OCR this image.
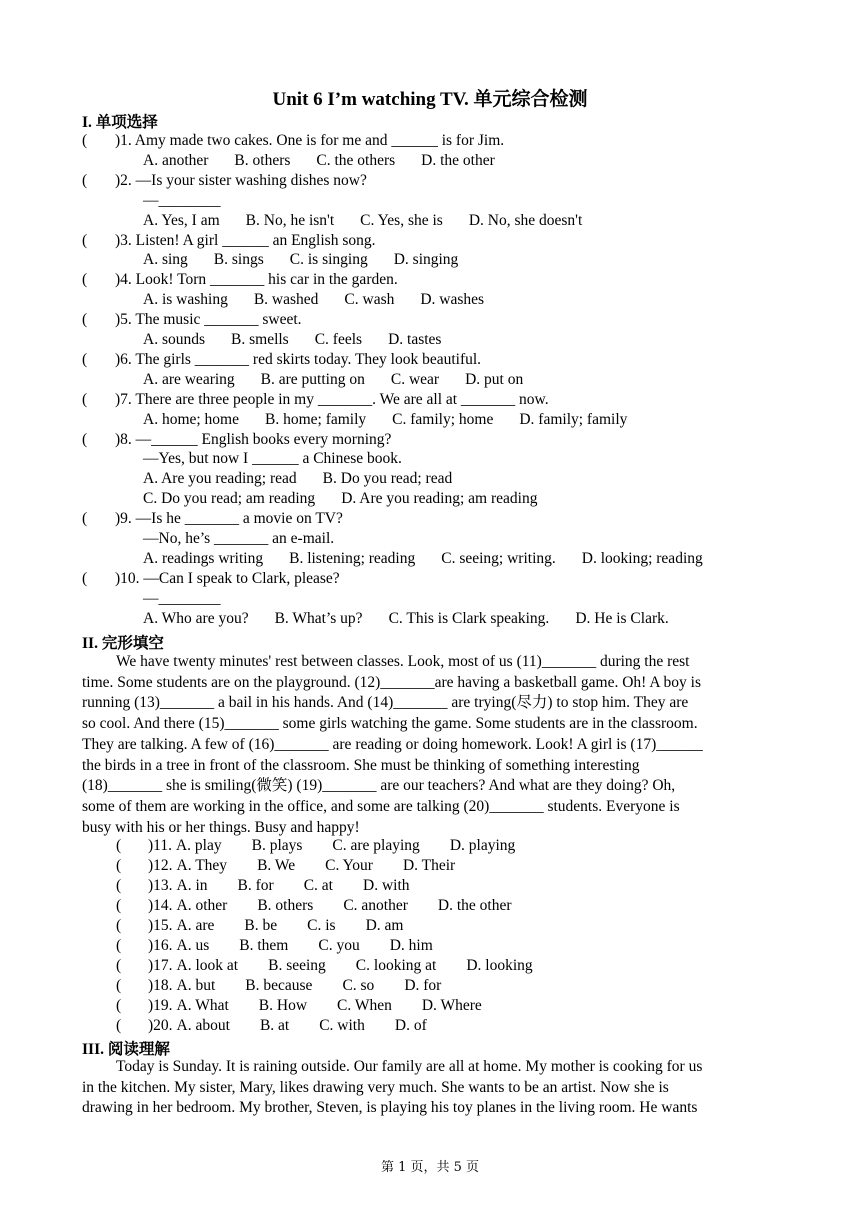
Unit 6 I’m watching TV. 单元综合检测
I. 单项选择
( )1. Amy made two cakes. One is for me and ______ is for Jim.
A. another B. others C. the others D. the other
( )2. —Is your sister washing dishes now?
—________
A. Yes, I am B. No, he isn't C. Yes, she is D. No, she doesn't
( )3. Listen! A girl ______ an English song.
A. sing B. sings C. is singing D. singing
( )4. Look! Torn _______ his car in the garden.
A. is washing B. washed C. wash D. washes
( )5. The music _______ sweet.
A. sounds B. smells C. feels D. tastes
( )6. The girls _______ red skirts today. They look beautiful.
A. are wearing B. are putting on C. wear D. put on
( )7. There are three people in my _______. We are all at _______ now.
A. home; home B. home; family C. family; home D. family; family
( )8. —______ English books every morning?
—Yes, but now I ______ a Chinese book.
A. Are you reading; read B. Do you read; read
C. Do you read; am reading D. Are you reading; am reading
( )9. —Is he _______ a movie on TV?
—No, he’s _______ an e-mail.
A. readings writing B. listening; reading C. seeing; writing. D. looking; reading
( )10. —Can I speak to Clark, please?
—________
A. Who are you? B. What’s up? C. This is Clark speaking. D. He is Clark.
II. 完形填空
We have twenty minutes' rest between classes. Look, most of us (11)_______ during the rest
time. Some students are on the playground. (12)_______are having a basketball game. Oh! A boy is
running (13)_______ a bail in his hands. And (14)_______ are trying(尽力) to stop him. They are
so cool. And there (15)_______ some girls watching the game. Some students are in the classroom.
They are talking. A few of (16)_______ are reading or doing homework. Look! A girl is (17)______
the birds in a tree in front of the classroom. She must be thinking of something interesting
(18)_______ she is smiling(微笑) (19)_______ are our teachers? And what are they doing? Oh,
some of them are working in the office, and some are talking (20)_______ students. Everyone is
busy with his or her things. Busy and happy!
( )11. A. play B. plays C. are playing D. playing
( )12. A. They B. We C. Your D. Their
( )13. A. in B. for C. at D. with
( )14. A. other B. others C. another D. the other
( )15. A. are B. be C. is D. am
( )16. A. us B. them C. you D. him
( )17. A. look at B. seeing C. looking at D. looking
( )18. A. but B. because C. so D. for
( )19. A. What B. How C. When D. Where
( )20. A. about B. at C. with D. of
III. 阅读理解
Today is Sunday. It is raining outside. Our family are all at home. My mother is cooking for us
in the kitchen. My sister, Mary, likes drawing very much. She wants to be an artist. Now she is
drawing in her bedroom. My brother, Steven, is playing his toy planes in the living room. He wants
第 1 页，共 5 页
